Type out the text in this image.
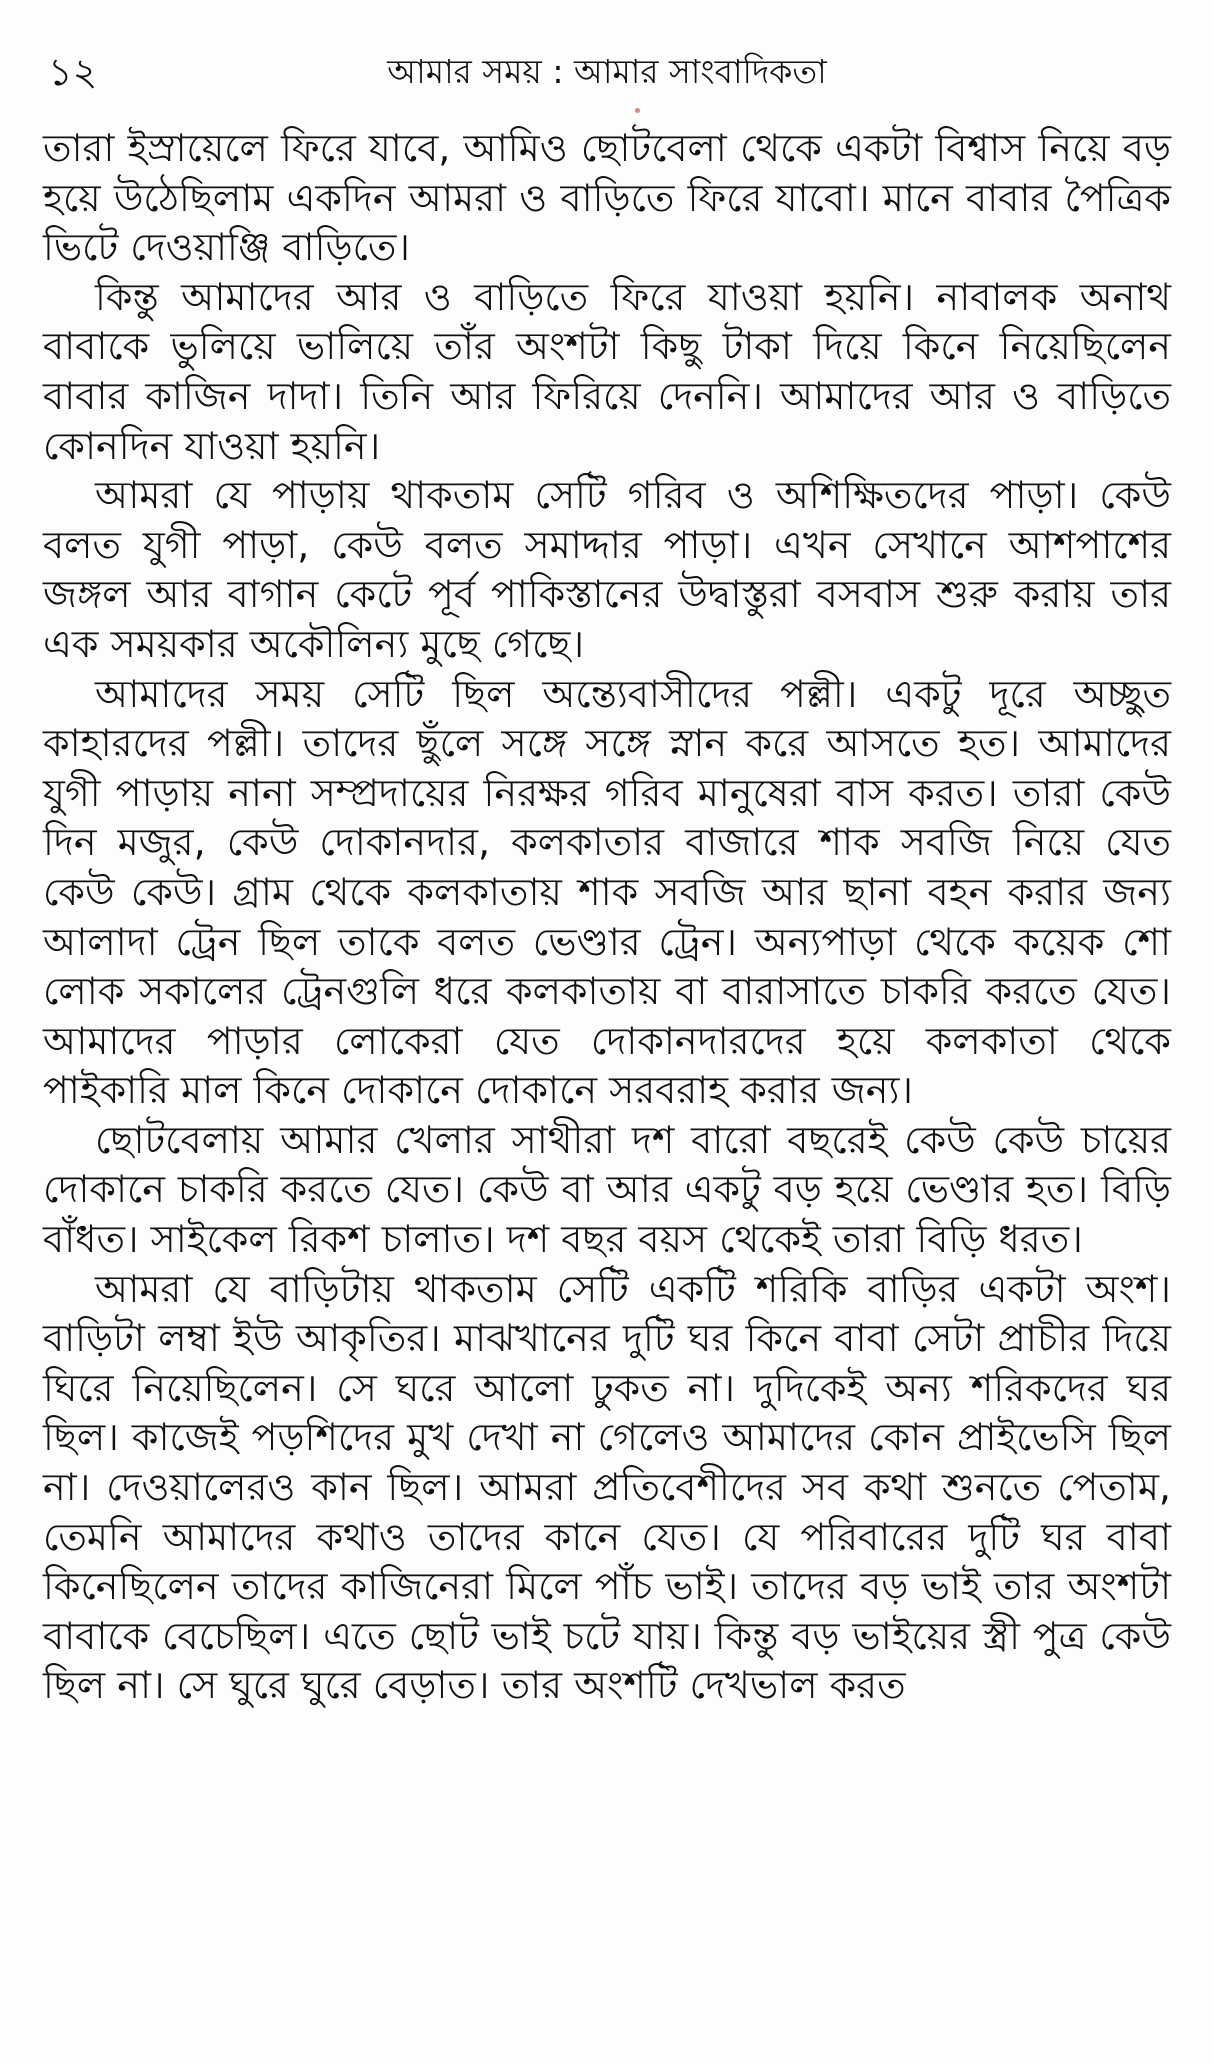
১২	আমার সময় : আমার সাংবাদিকতা

তারা ইস্রায়েলে ফিরে যাবে, আমিও ছোটবেলা থেকে একটা বিশ্বাস নিয়ে বড় হয়ে উঠেছিলাম একদিন আমরা ও বাড়িতে ফিরে যাবো। মানে বাবার পৈত্রিক ভিটে দেওয়াঞ্জি বাড়িতে।

কিন্তু আমাদের আর ও বাড়িতে ফিরে যাওয়া হয়নি। নাবালক অনাথ বাবাকে ভুলিয়ে ভালিয়ে তাঁর অংশটা কিছু টাকা দিয়ে কিনে নিয়েছিলেন বাবার কাজিন দাদা। তিনি আর ফিরিয়ে দেননি। আমাদের আর ও বাড়িতে কোনদিন যাওয়া হয়নি।

আমরা যে পাড়ায় থাকতাম সেটি গরিব ও অশিক্ষিতদের পাড়া। কেউ বলত যুগী পাড়া, কেউ বলত সমাদ্দার পাড়া। এখন সেখানে আশপাশের জঙ্গল আর বাগান কেটে পূর্ব পাকিস্তানের উদ্বাস্তুরা বসবাস শুরু করায় তার এক সময়কার অকৌলিন্য মুছে গেছে।

আমাদের সময় সেটি ছিল অন্ত্যেবাসীদের পল্লী। একটু দূরে অচ্ছুত কাহারদের পল্লী। তাদের ছুঁলে সঙ্গে সঙ্গে স্নান করে আসতে হত। আমাদের যুগী পাড়ায় নানা সম্প্রদায়ের নিরক্ষর গরিব মানুষেরা বাস করত। তারা কেউ দিন মজুর, কেউ দোকানদার, কলকাতার বাজারে শাক সবজি নিয়ে যেত কেউ কেউ। গ্রাম থেকে কলকাতায় শাক সবজি আর ছানা বহন করার জন্য আলাদা ট্রেন ছিল তাকে বলত ভেণ্ডার ট্রেন। অন্যপাড়া থেকে কয়েক শো লোক সকালের ট্রেনগুলি ধরে কলকাতায় বা বারাসাতে চাকরি করতে যেত। আমাদের পাড়ার লোকেরা যেত দোকানদারদের হয়ে কলকাতা থেকে পাইকারি মাল কিনে দোকানে দোকানে সরবরাহ করার জন্য।

ছোটবেলায় আমার খেলার সাথীরা দশ বারো বছরেই কেউ কেউ চায়ের দোকানে চাকরি করতে যেত। কেউ বা আর একটু বড় হয়ে ভেণ্ডার হত। বিড়ি বাঁধত। সাইকেল রিকশ চালাত। দশ বছর বয়স থেকেই তারা বিড়ি ধরত।

আমরা যে বাড়িটায় থাকতাম সেটি একটি শরিকি বাড়ির একটা অংশ। বাড়িটা লম্বা ইউ আকৃতির। মাঝখানের দুটি ঘর কিনে বাবা সেটা প্রাচীর দিয়ে ঘিরে নিয়েছিলেন। সে ঘরে আলো ঢুকত না। দুদিকেই অন্য শরিকদের ঘর ছিল। কাজেই পড়শিদের মুখ দেখা না গেলেও আমাদের কোন প্রাইভেসি ছিল না। দেওয়ালেরও কান ছিল। আমরা প্রতিবেশীদের সব কথা শুনতে পেতাম, তেমনি আমাদের কথাও তাদের কানে যেত। যে পরিবারের দুটি ঘর বাবা কিনেছিলেন তাদের কাজিনেরা মিলে পাঁচ ভাই। তাদের বড় ভাই তার অংশটা বাবাকে বেচেছিল। এতে ছোট ভাই চটে যায়। কিন্তু বড় ভাইয়ের স্ত্রী পুত্র কেউ ছিল না। সে ঘুরে ঘুরে বেড়াত। তার অংশটি দেখভাল করত
